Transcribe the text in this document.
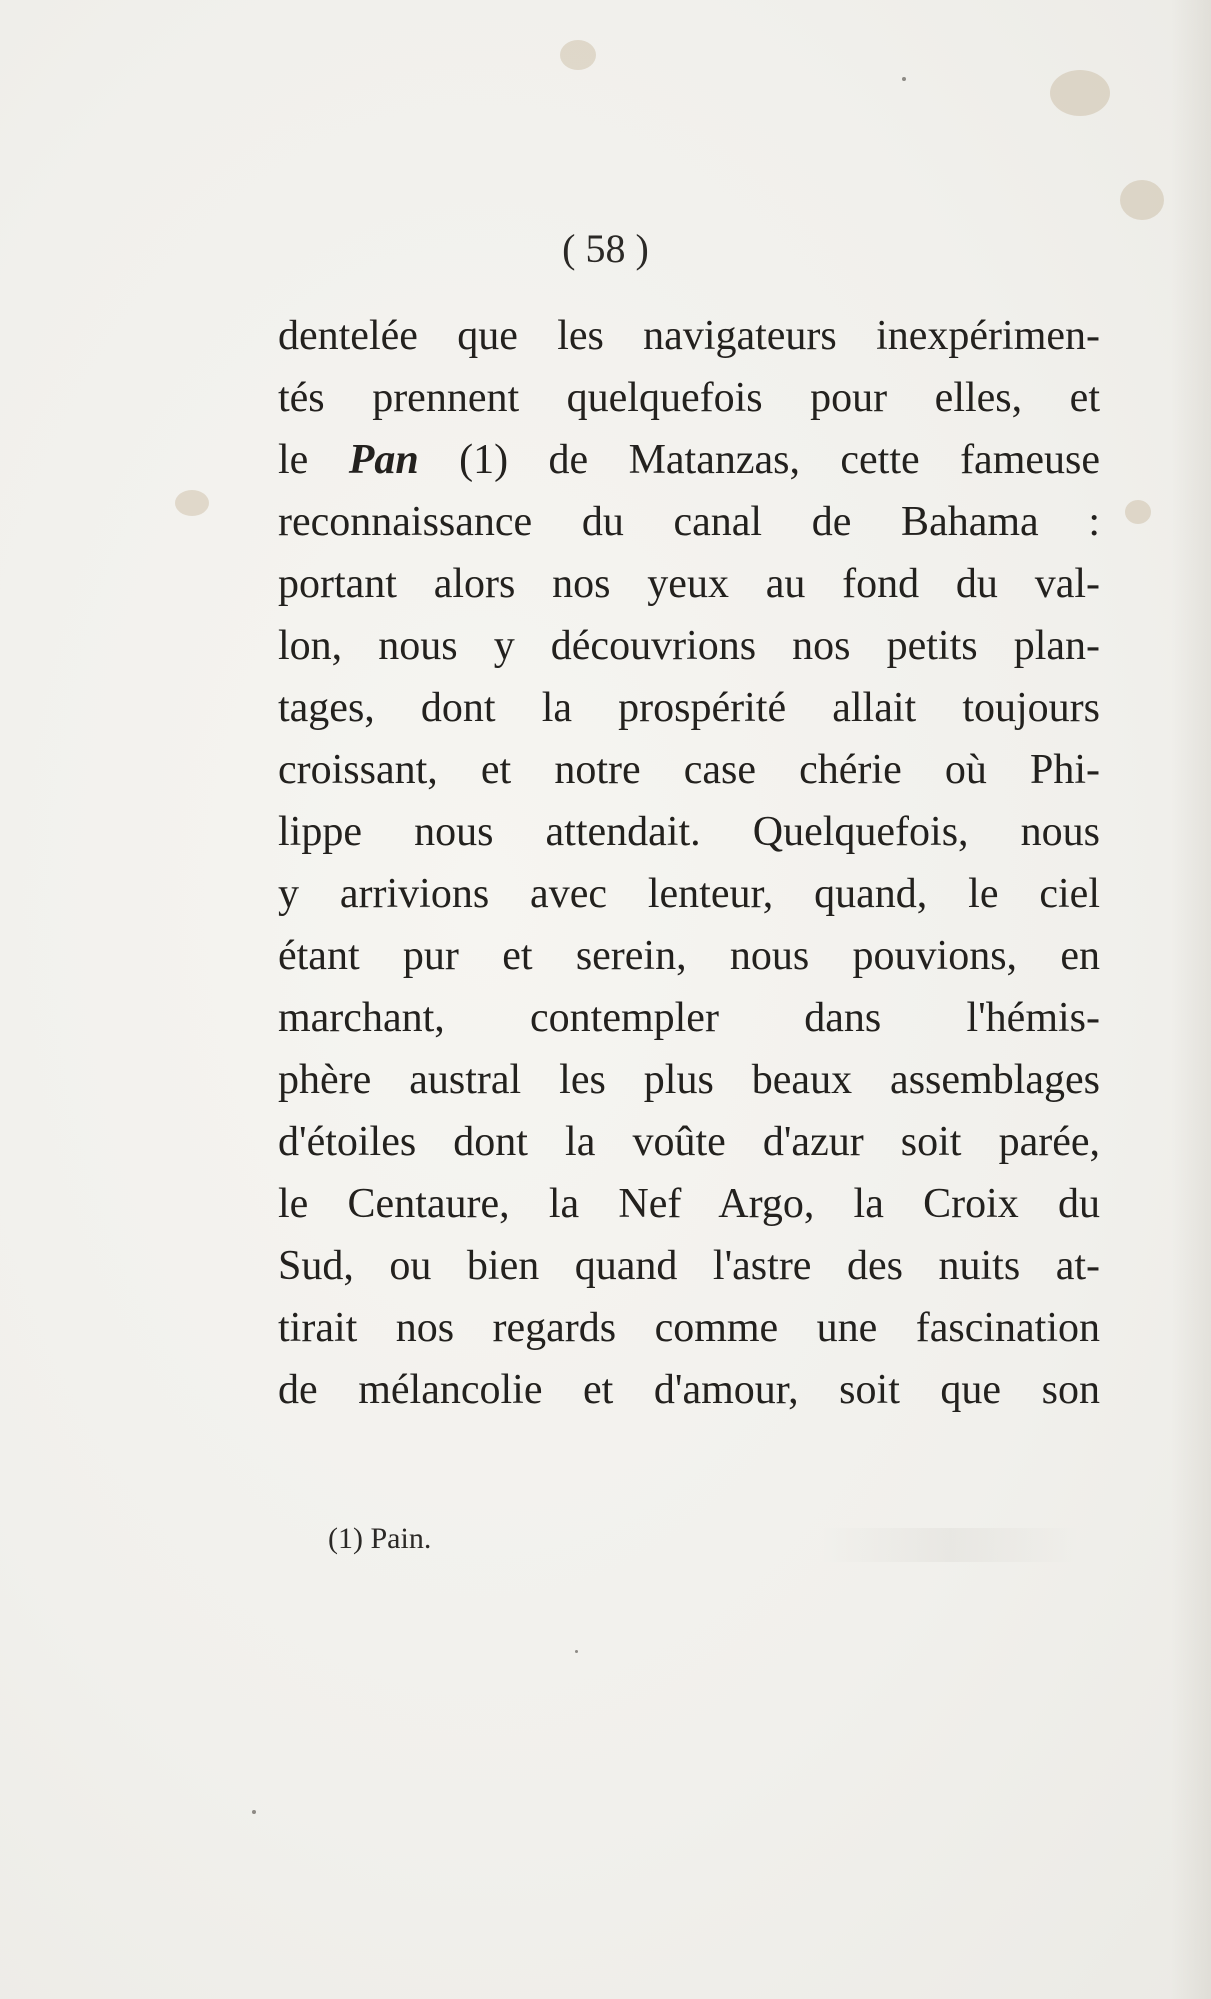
( 58 )

dentelée que les navigateurs inexpérimen-
tés prennent quelquefois pour elles, et
le Pan (1) de Matanzas, cette fameuse
reconnaissance du canal de Bahama :
portant alors nos yeux au fond du val-
lon, nous y découvrions nos petits plan-
tages, dont la prospérité allait toujours
croissant, et notre case chérie où Phi-
lippe nous attendait. Quelquefois, nous
y arrivions avec lenteur, quand, le ciel
étant pur et serein, nous pouvions, en
marchant, contempler dans l'hémis-
phère austral les plus beaux assemblages
d'étoiles dont la voûte d'azur soit parée,
le Centaure, la Nef Argo, la Croix du
Sud, ou bien quand l'astre des nuits at-
tirait nos regards comme une fascination
de mélancolie et d'amour, soit que son

(1) Pain.
